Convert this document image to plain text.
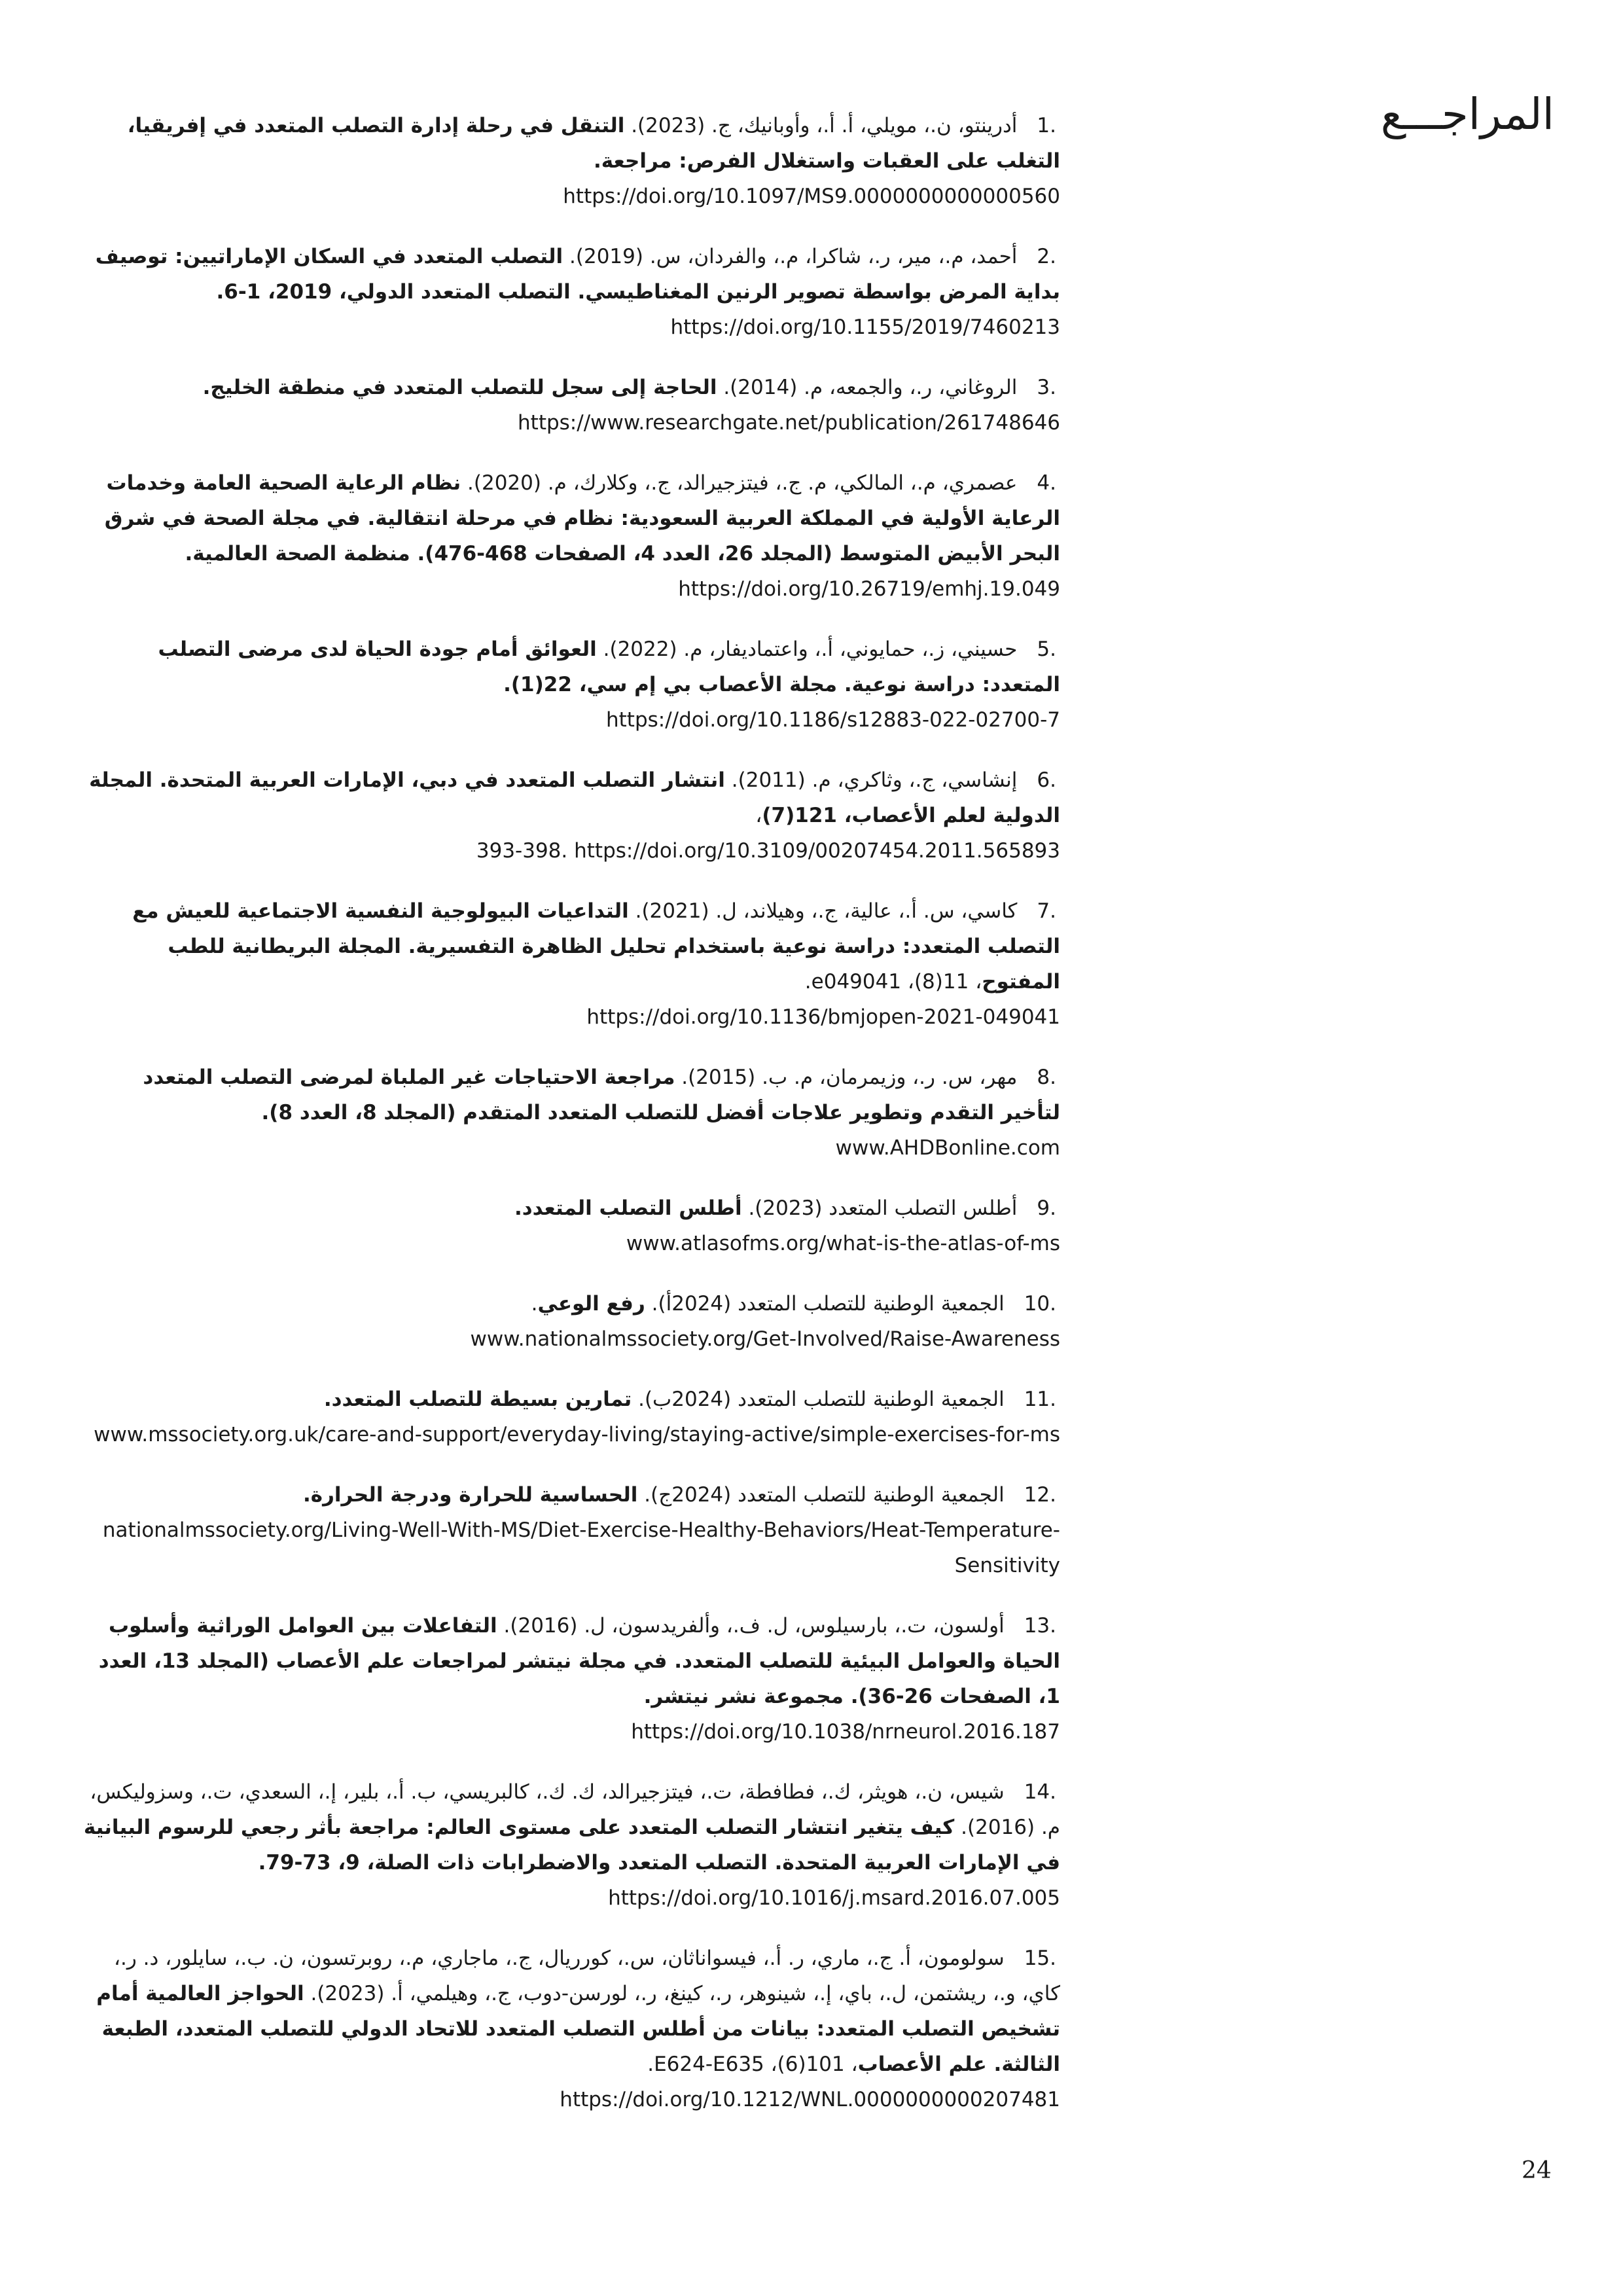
المراجـــع
.1أدرينتو، ن.، مويلي، أ. أ.، وأوبانيك، ج. (2023). التنقل في رحلة إدارة التصلب المتعدد في إفريقيا، التغلب على العقبات واستغلال الفرص: مراجعة.
https://doi.org/10.1097/MS9.0000000000000560
.2أحمد، م.، مير، ر.، شاكرا، م.، والفردان، س. (2019). التصلب المتعدد في السكان الإماراتيين: توصيف بداية المرض بواسطة تصوير الرنين المغناطيسي. التصلب المتعدد الدولي، 2019، 1-6.
https://doi.org/10.1155/2019/7460213
.3الروغاني، ر.، والجمعه، م. (2014). الحاجة إلى سجل للتصلب المتعدد في منطقة الخليج.
https://www.researchgate.net/publication/261748646
.4عصمري، م.، المالكي، م. ج.، فيتزجيرالد، ج.، وكلارك، م. (2020). نظام الرعاية الصحية العامة وخدمات الرعاية الأولية في المملكة العربية السعودية: نظام في مرحلة انتقالية. في مجلة الصحة في شرق البحر الأبيض المتوسط (المجلد 26، العدد 4، الصفحات 468-476). منظمة الصحة العالمية.
https://doi.org/10.26719/emhj.19.049
.5حسيني، ز.، حمايوني، أ.، واعتماديفار، م. (2022). العوائق أمام جودة الحياة لدى مرضى التصلب المتعدد: دراسة نوعية. مجلة الأعصاب بي إم سي، 22(1).
https://doi.org/10.1186/s12883-022-02700-7
.6إنشاسي، ج.، وثاكري، م. (2011). انتشار التصلب المتعدد في دبي، الإمارات العربية المتحدة. المجلة الدولية لعلم الأعصاب، 121(7)،
393-398. https://doi.org/10.3109/00207454.2011.565893
.7كاسي، س. أ.، عالية، ج.، وهيلاند، ل. (2021). التداعيات البيولوجية النفسية الاجتماعية للعيش مع التصلب المتعدد: دراسة نوعية باستخدام تحليل الظاهرة التفسيرية. المجلة البريطانية للطب المفتوح، 11(8)، e049041.
https://doi.org/10.1136/bmjopen-2021-049041
.8مهر، س. ر.، وزيمرمان، م. ب. (2015). مراجعة الاحتياجات غير الملباة لمرضى التصلب المتعدد لتأخير التقدم وتطوير علاجات أفضل للتصلب المتعدد المتقدم (المجلد 8، العدد 8).
www.AHDBonline.com
.9أطلس التصلب المتعدد (2023). أطلس التصلب المتعدد.
www.atlasofms.org/what-is-the-atlas-of-ms
.10الجمعية الوطنية للتصلب المتعدد (2024أ). رفع الوعي.
www.nationalmssociety.org/Get-Involved/Raise-Awareness
.11الجمعية الوطنية للتصلب المتعدد (2024ب). تمارين بسيطة للتصلب المتعدد.
www.mssociety.org.uk/care-and-support/everyday-living/staying-active/simple-exercises-for-ms
.12الجمعية الوطنية للتصلب المتعدد (2024ج). الحساسية للحرارة ودرجة الحرارة.
nationalmssociety.org/Living-Well-With-MS/Diet-Exercise-Healthy-Behaviors/Heat-Temperature-Sensitivity
.13أولسون، ت.، بارسيلوس، ل. ف.، وألفريدسون، ل. (2016). التفاعلات بين العوامل الوراثية وأسلوب الحياة والعوامل البيئية للتصلب المتعدد. في مجلة نيتشر لمراجعات علم الأعصاب (المجلد 13، العدد 1، الصفحات 26-36). مجموعة نشر نيتشر.
https://doi.org/10.1038/nrneurol.2016.187
.14شيس، ن.، هويثر، ك.، فطافطة، ت.، فيتزجيرالد، ك. ك.، كالبريسي، ب. أ.، بلير، إ.، السعدي، ت.، وسزوليكس، م. (2016). كيف يتغير انتشار التصلب المتعدد على مستوى العالم: مراجعة بأثر رجعي للرسوم البيانية في الإمارات العربية المتحدة. التصلب المتعدد والاضطرابات ذات الصلة، 9، 73-79.
https://doi.org/10.1016/j.msard.2016.07.005
.15سولومون، أ. ج.، ماري، ر. أ.، فيسواناثان، س.، كورريال، ج.، ماجاري، م.، روبرتسون، ن. ب.، سايلور، د. ر.، كاي، و.، ريشتمن، ل.، باي، إ.، شينوهر، ر.، كينغ، ر.، لورسن-دوب، ج.، وهيلمي، أ. (2023). الحواجز العالمية أمام تشخيص التصلب المتعدد: بيانات من أطلس التصلب المتعدد للاتحاد الدولي للتصلب المتعدد، الطبعة الثالثة. علم الأعصاب، 101(6)، E624-E635.
https://doi.org/10.1212/WNL.0000000000207481
24
